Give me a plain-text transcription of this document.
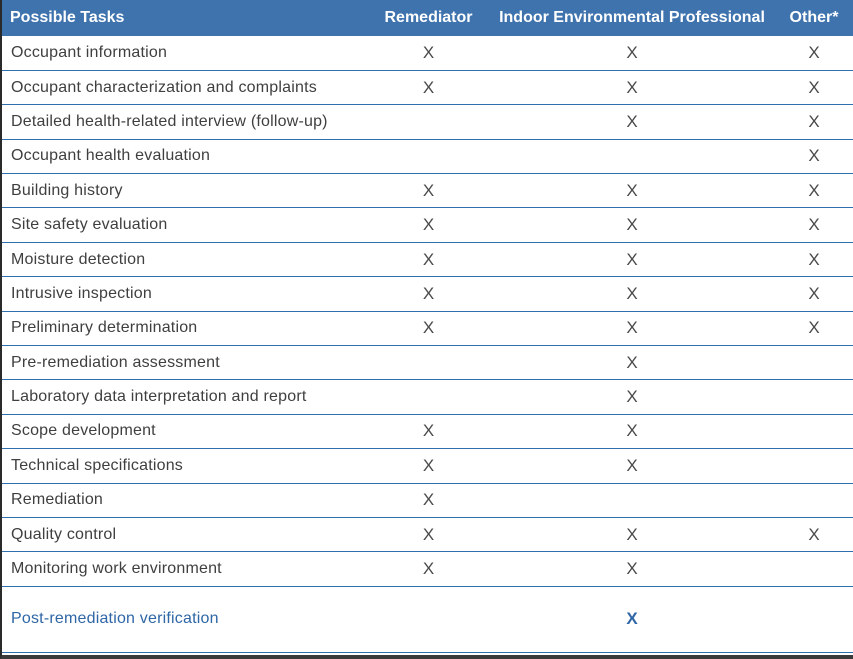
Possible Tasks	Remediator	Indoor Environmental Professional	Other*
Occupant information	X	X	X
Occupant characterization and complaints	X	X	X
Detailed health-related interview (follow-up)		X	X
Occupant health evaluation			X
Building history	X	X	X
Site safety evaluation	X	X	X
Moisture detection	X	X	X
Intrusive inspection	X	X	X
Preliminary determination	X	X	X
Pre-remediation assessment		X	
Laboratory data interpretation and report		X	
Scope development	X	X	
Technical specifications	X	X	
Remediation	X		
Quality control	X	X	X
Monitoring work environment	X	X	
Post-remediation verification		X	
